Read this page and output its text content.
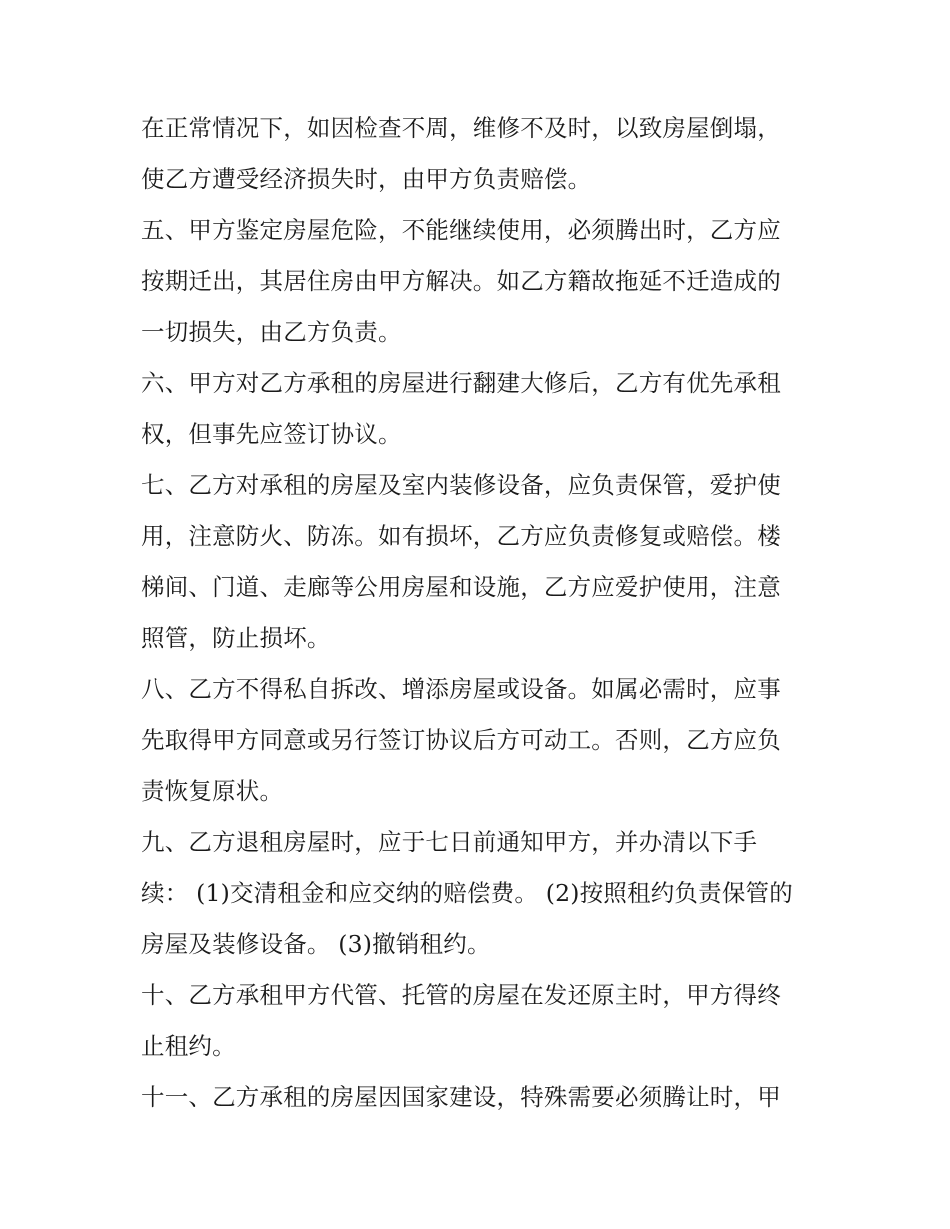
在正常情况下，如因检查不周，维修不及时，以致房屋倒塌，
使乙方遭受经济损失时，由甲方负责赔偿。
五、甲方鉴定房屋危险，不能继续使用，必须腾出时，乙方应
按期迁出，其居住房由甲方解决。如乙方籍故拖延不迁造成的
一切损失，由乙方负责。
六、甲方对乙方承租的房屋进行翻建大修后，乙方有优先承租
权，但事先应签订协议。
七、乙方对承租的房屋及室内装修设备，应负责保管，爱护使
用，注意防火、防冻。如有损坏，乙方应负责修复或赔偿。楼
梯间、门道、走廊等公用房屋和设施，乙方应爱护使用，注意
照管，防止损坏。
八、乙方不得私自拆改、增添房屋或设备。如属必需时，应事
先取得甲方同意或另行签订协议后方可动工。否则，乙方应负
责恢复原状。
九、乙方退租房屋时，应于七日前通知甲方，并办清以下手
续： (1)交清租金和应交纳的赔偿费。 (2)按照租约负责保管的
房屋及装修设备。 (3)撤销租约。
十、乙方承租甲方代管、托管的房屋在发还原主时，甲方得终
止租约。
十一、乙方承租的房屋因国家建设，特殊需要必须腾让时，甲
